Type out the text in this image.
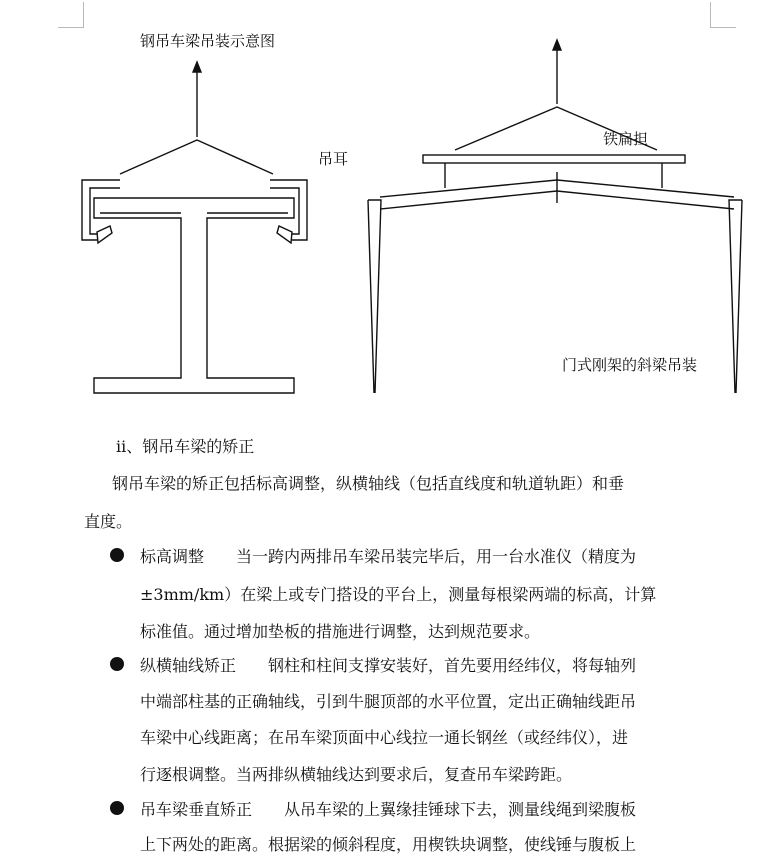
钢吊车梁吊装示意图
吊耳
铁扁担
门式刚架的斜梁吊装
ⅱ、钢吊车梁的矫正
钢吊车梁的矫正包括标高调整，纵横轴线（包括直线度和轨道轨距）和垂
直度。
标高调整　　当一跨内两排吊车梁吊装完毕后，用一台水准仪（精度为
±3mm/km）在梁上或专门搭设的平台上，测量每根梁两端的标高，计算
标准值。通过增加垫板的措施进行调整，达到规范要求。
纵横轴线矫正　　钢柱和柱间支撑安装好，首先要用经纬仪，将每轴列
中端部柱基的正确轴线，引到牛腿顶部的水平位置，定出正确轴线距吊
车梁中心线距离；在吊车梁顶面中心线拉一通长钢丝（或经纬仪），进
行逐根调整。当两排纵横轴线达到要求后，复查吊车梁跨距。
吊车梁垂直矫正　　从吊车梁的上翼缘挂锤球下去，测量线绳到梁腹板
上下两处的距离。根据梁的倾斜程度，用楔铁块调整，使线锤与腹板上
